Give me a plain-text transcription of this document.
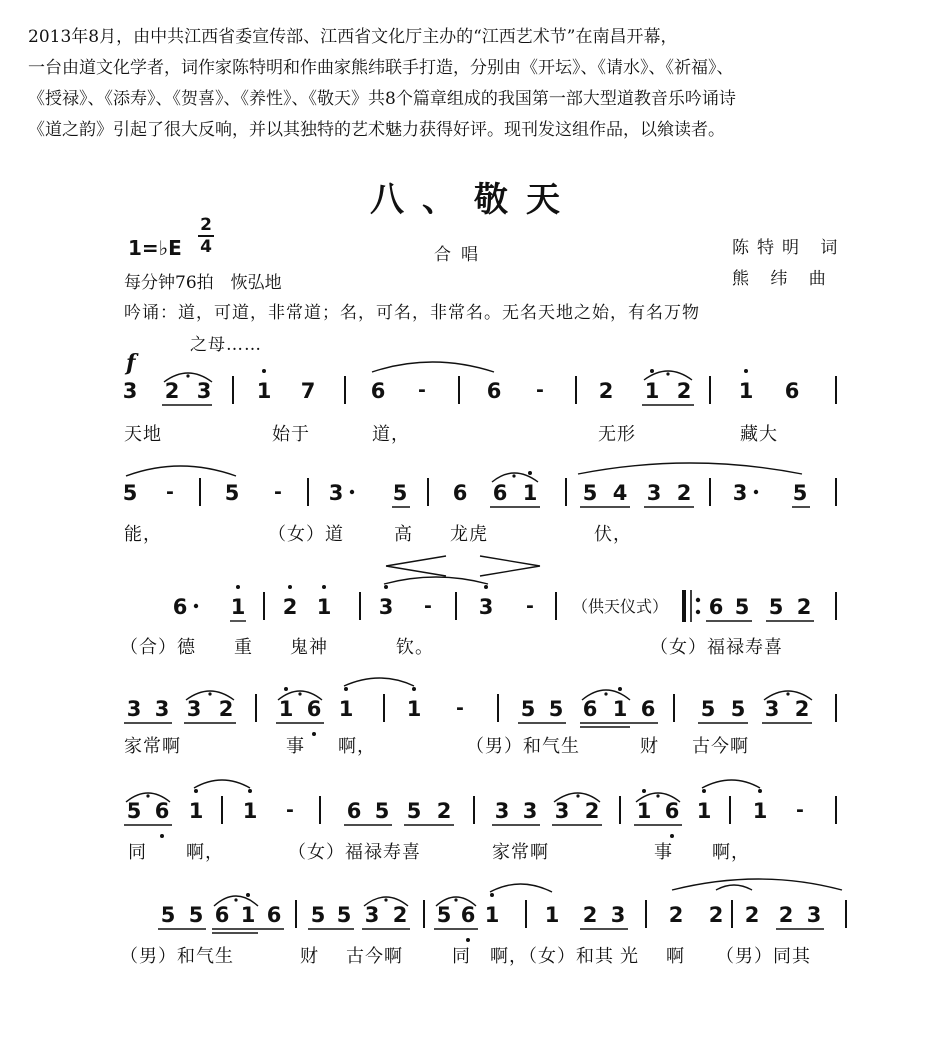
2013年8月，由中共江西省委宣传部、江西省文化厅主办的“江西艺术节”在南昌开幕，
一台由道文化学者，词作家陈特明和作曲家熊纬联手打造，分别由《开坛》、《请水》、《祈福》、
《授禄》、《添寿》、《贺喜》、《养性》、《敬天》共8个篇章组成的我国第一部大型道教音乐吟诵诗
《道之韵》引起了很大反响，并以其独特的艺术魅力获得好评。现刊发这组作品，以飨读者。
八、敬天
1=♭E
2
4	合唱	陈特明 词
熊 纬 曲
每分钟76拍　恢弘地
吟诵：道，可道，非常道；名，可名，非常名。无名天地之始，有名万物
之母……
f
3 2 3 1 7	6 -	6 -	2 1 2 1 6
天地	始于	道，	无形	藏大
5 - 5 - 3 5 6 6 1 5 4 3 2 3 5
能，	（女）道	高 龙虎	伏，
6 1 2 1 3 - 3 - （供天仪式） 6 5 5 2
（合）德 重 鬼神	钦。	（女）福禄寿喜
3 3 3 2 1 6 1	1 -	5 5 6 1 6 5 5 3 2
家常啊	事 啊，	（男）和气生	财 古今啊
5 6 1 1 -	6 5 5 2 3 3 3 2 1 6 1 1 -
同 啊，	（女）福禄寿喜	家常啊	事 啊，
5 5 6 1 6 5 5 3 2 5 6 1 1 2 3 2 2 2 2 3
（男）和气生	财 古今啊	同 啊，（女）和其 光 啊 （男）同其
